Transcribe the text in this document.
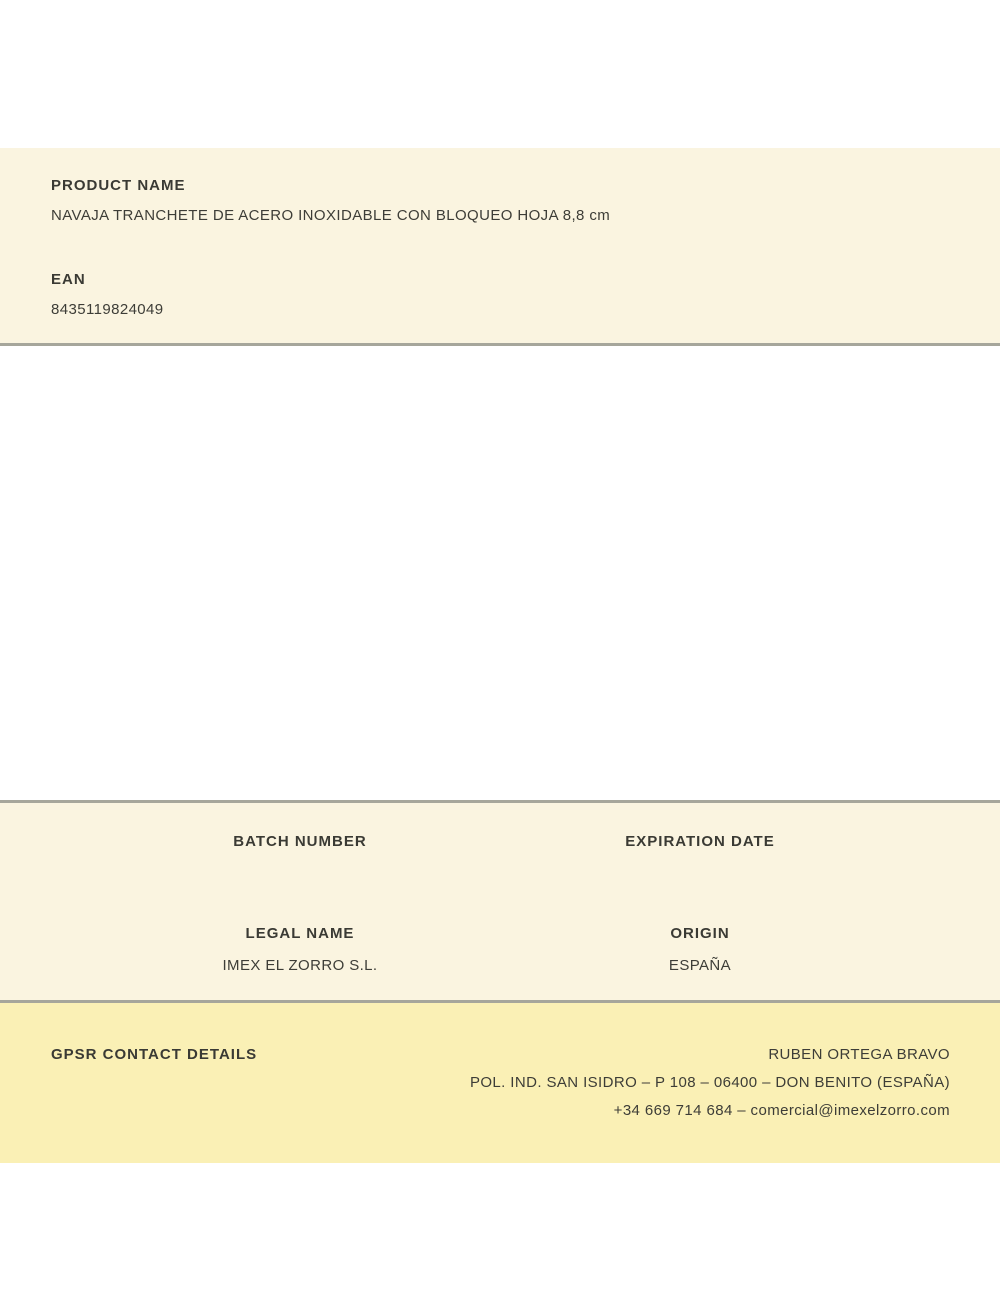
PRODUCT NAME

NAVAJA TRANCHETE DE ACERO INOXIDABLE CON BLOQUEO HOJA 8,8 cm

EAN

8435119824049

BATCH NUMBER	EXPIRATION DATE

LEGAL NAME

IMEX EL ZORRO S.L.

ORIGIN

ESPAÑA

GPSR CONTACT DETAILS	RUBEN ORTEGA BRAVO

POL. IND. SAN ISIDRO – P 108 – 06400 – DON BENITO (ESPAÑA)

+34 669 714 684 – comercial@imexelzorro.com
